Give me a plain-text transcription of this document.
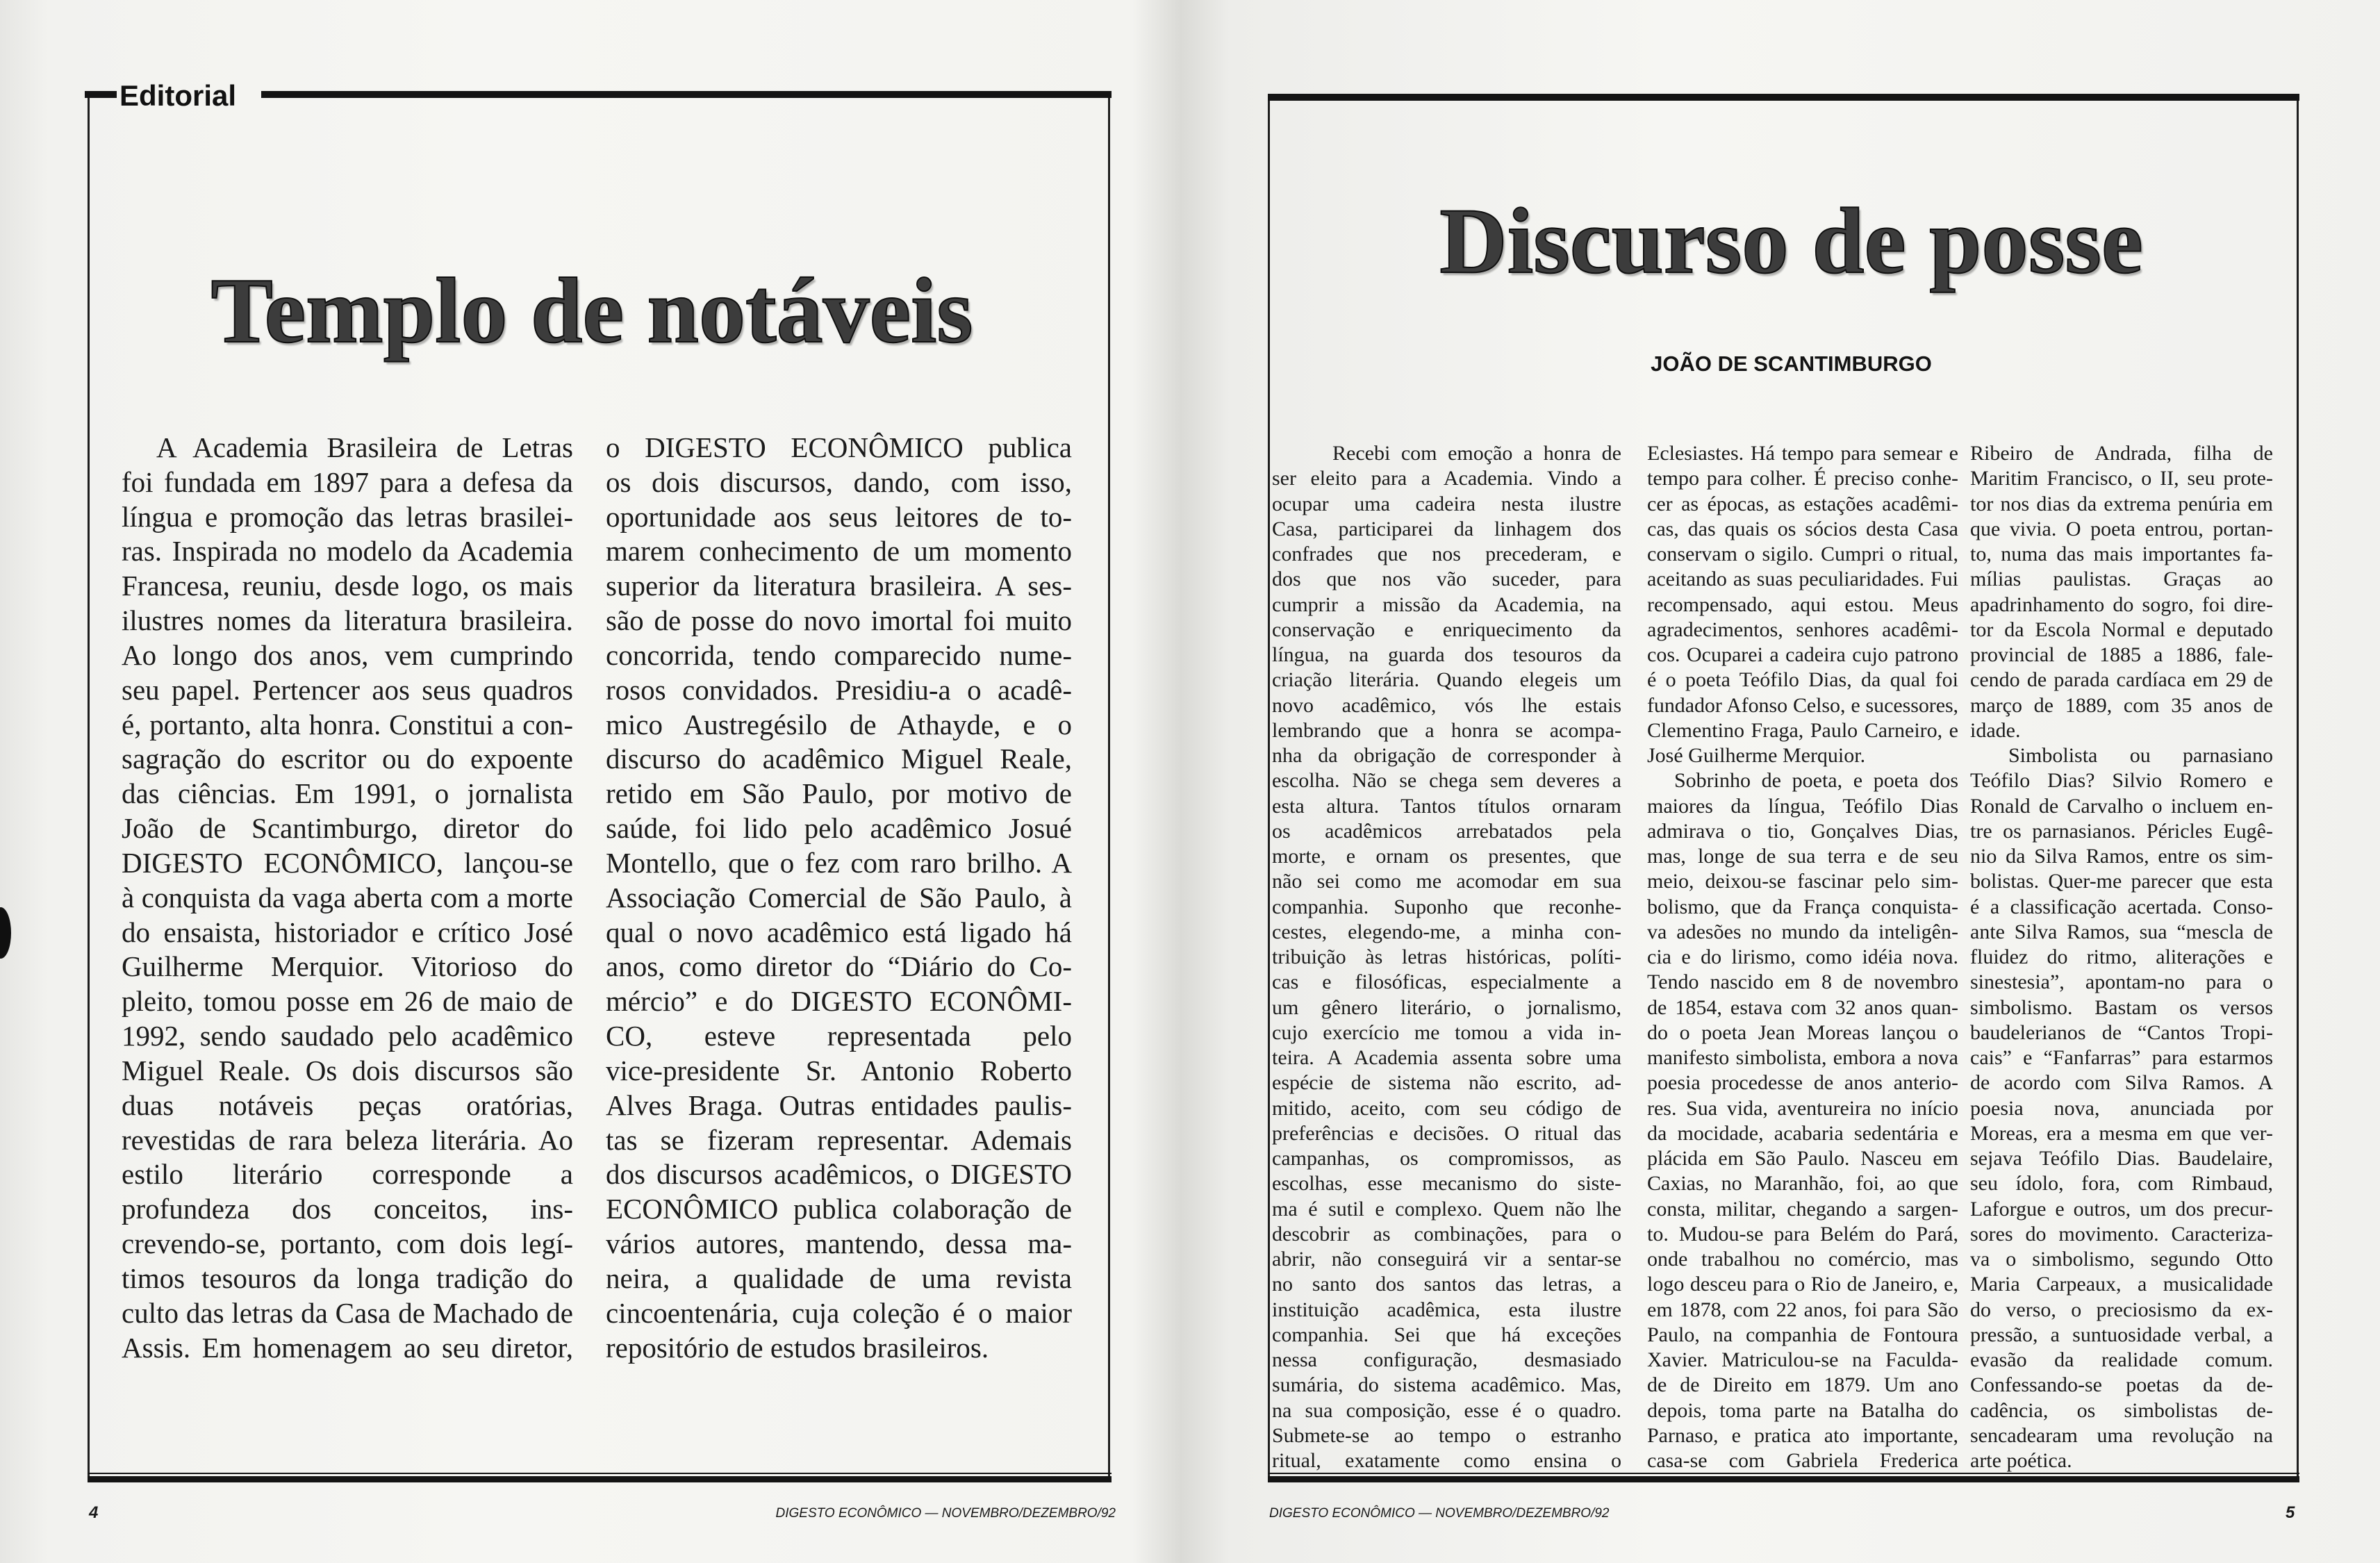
Editorial
Templo de notáveis
A Academia Brasileira de Letras
foi fundada em 1897 para a defesa da
língua e promoção das letras brasilei-
ras. Inspirada no modelo da Academia
Francesa, reuniu, desde logo, os mais
ilustres nomes da literatura brasileira.
Ao longo dos anos, vem cumprindo
seu papel. Pertencer aos seus quadros
é, portanto, alta honra. Constitui a con-
sagração do escritor ou do expoente
das ciências. Em 1991, o jornalista
João de Scantimburgo, diretor do
DIGESTO ECONÔMICO, lançou-se
à conquista da vaga aberta com a morte
do ensaista, historiador e crítico José
Guilherme Merquior. Vitorioso do
pleito, tomou posse em 26 de maio de
1992, sendo saudado pelo acadêmico
Miguel Reale. Os dois discursos são
duas notáveis peças oratórias,
revestidas de rara beleza literária. Ao
estilo literário corresponde a
profundeza dos conceitos, ins-
crevendo-se, portanto, com dois legí-
timos tesouros da longa tradição do
culto das letras da Casa de Machado de
Assis. Em homenagem ao seu diretor,
o DIGESTO ECONÔMICO publica
os dois discursos, dando, com isso,
oportunidade aos seus leitores de to-
marem conhecimento de um momento
superior da literatura brasileira. A ses-
são de posse do novo imortal foi muito
concorrida, tendo comparecido nume-
rosos convidados. Presidiu-a o acadê-
mico Austregésilo de Athayde, e o
discurso do acadêmico Miguel Reale,
retido em São Paulo, por motivo de
saúde, foi lido pelo acadêmico Josué
Montello, que o fez com raro brilho. A
Associação Comercial de São Paulo, à
qual o novo acadêmico está ligado há
anos, como diretor do “Diário do Co-
mércio” e do DIGESTO ECONÔMI-
CO, esteve representada pelo
vice-presidente Sr. Antonio Roberto
Alves Braga. Outras entidades paulis-
tas se fizeram representar. Ademais
dos discursos acadêmicos, o DIGESTO
ECONÔMICO publica colaboração de
vários autores, mantendo, dessa ma-
neira, a qualidade de uma revista
cincoentenária, cuja coleção é o maior
repositório de estudos brasileiros.
4	DIGESTO ECONÔMICO — NOVEMBRO/DEZEMBRO/92
Discurso de posse
JOÃO DE SCANTIMBURGO
Recebi com emoção a honra de
ser eleito para a Academia. Vindo a
ocupar uma cadeira nesta ilustre
Casa, participarei da linhagem dos
confrades que nos precederam, e
dos que nos vão suceder, para
cumprir a missão da Academia, na
conservação e enriquecimento da
língua, na guarda dos tesouros da
criação literária. Quando elegeis um
novo acadêmico, vós lhe estais
lembrando que a honra se acompa-
nha da obrigação de corresponder à
escolha. Não se chega sem deveres a
esta altura. Tantos títulos ornaram
os acadêmicos arrebatados pela
morte, e ornam os presentes, que
não sei como me acomodar em sua
companhia. Suponho que reconhe-
cestes, elegendo-me, a minha con-
tribuição às letras históricas, políti-
cas e filosóficas, especialmente a
um gênero literário, o jornalismo,
cujo exercício me tomou a vida in-
teira. A Academia assenta sobre uma
espécie de sistema não escrito, ad-
mitido, aceito, com seu código de
preferências e decisões. O ritual das
campanhas, os compromissos, as
escolhas, esse mecanismo do siste-
ma é sutil e complexo. Quem não lhe
descobrir as combinações, para o
abrir, não conseguirá vir a sentar-se
no santo dos santos das letras, a
instituição acadêmica, esta ilustre
companhia. Sei que há exceções
nessa configuração, desmasiado
sumária, do sistema acadêmico. Mas,
na sua composição, esse é o quadro.
Submete-se ao tempo o estranho
ritual, exatamente como ensina o
Eclesiastes. Há tempo para semear e
tempo para colher. É preciso conhe-
cer as épocas, as estações acadêmi-
cas, das quais os sócios desta Casa
conservam o sigilo. Cumpri o ritual,
aceitando as suas peculiaridades. Fui
recompensado, aqui estou. Meus
agradecimentos, senhores acadêmi-
cos. Ocuparei a cadeira cujo patrono
é o poeta Teófilo Dias, da qual foi
fundador Afonso Celso, e sucessores,
Clementino Fraga, Paulo Carneiro, e
José Guilherme Merquior.
Sobrinho de poeta, e poeta dos
maiores da língua, Teófilo Dias
admirava o tio, Gonçalves Dias,
mas, longe de sua terra e de seu
meio, deixou-se fascinar pelo sim-
bolismo, que da França conquista-
va adesões no mundo da inteligên-
cia e do lirismo, como idéia nova.
Tendo nascido em 8 de novembro
de 1854, estava com 32 anos quan-
do o poeta Jean Moreas lançou o
manifesto simbolista, embora a nova
poesia procedesse de anos anterio-
res. Sua vida, aventureira no início
da mocidade, acabaria sedentária e
plácida em São Paulo. Nasceu em
Caxias, no Maranhão, foi, ao que
consta, militar, chegando a sargen-
to. Mudou-se para Belém do Pará,
onde trabalhou no comércio, mas
logo desceu para o Rio de Janeiro, e,
em 1878, com 22 anos, foi para São
Paulo, na companhia de Fontoura
Xavier. Matriculou-se na Faculda-
de de Direito em 1879. Um ano
depois, toma parte na Batalha do
Parnaso, e pratica ato importante,
casa-se com Gabriela Frederica
Ribeiro de Andrada, filha de
Maritim Francisco, o II, seu prote-
tor nos dias da extrema penúria em
que vivia. O poeta entrou, portan-
to, numa das mais importantes fa-
mílias paulistas. Graças ao
apadrinhamento do sogro, foi dire-
tor da Escola Normal e deputado
provincial de 1885 a 1886, fale-
cendo de parada cardíaca em 29 de
março de 1889, com 35 anos de
idade.
Simbolista ou parnasiano
Teófilo Dias? Silvio Romero e
Ronald de Carvalho o incluem en-
tre os parnasianos. Péricles Eugê-
nio da Silva Ramos, entre os sim-
bolistas. Quer-me parecer que esta
é a classificação acertada. Conso-
ante Silva Ramos, sua “mescla de
fluidez do ritmo, aliterações e
sinestesia”, apontam-no para o
simbolismo. Bastam os versos
baudelerianos de “Cantos Tropi-
cais” e “Fanfarras” para estarmos
de acordo com Silva Ramos. A
poesia nova, anunciada por
Moreas, era a mesma em que ver-
sejava Teófilo Dias. Baudelaire,
seu ídolo, fora, com Rimbaud,
Laforgue e outros, um dos precur-
sores do movimento. Caracteriza-
va o simbolismo, segundo Otto
Maria Carpeaux, a musicalidade
do verso, o preciosismo da ex-
pressão, a suntuosidade verbal, a
evasão da realidade comum.
Confessando-se poetas da de-
cadência, os simbolistas de-
sencadearam uma revolução na
arte poética.
DIGESTO ECONÔMICO — NOVEMBRO/DEZEMBRO/92	5
